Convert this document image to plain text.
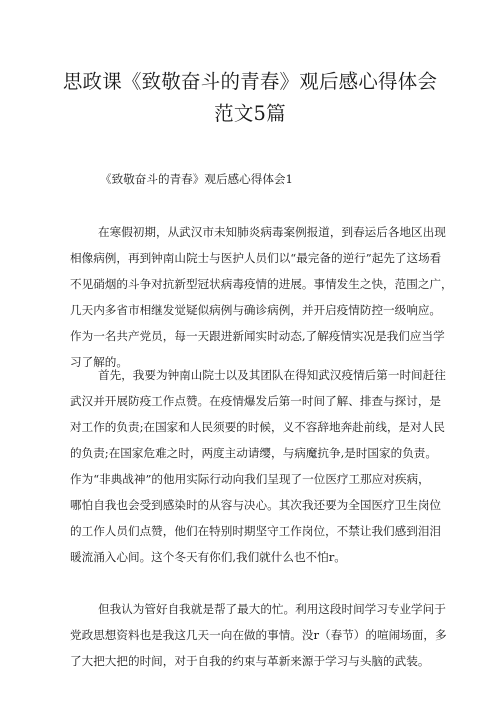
思政课《致敬奋斗的青春》观后感心得体会
范文5篇
《致敬奋斗的青春》观后感心得体会1
在寒假初期，从武汉市未知肺炎病毒案例报道，到春运后各地区出现
相像病例，再到钟南山院士与医护人员们以“最完备的逆行”起先了这场看
不见硝烟的斗争对抗新型冠状病毒疫情的进展。事情发生之快，范围之广，
几天内多省市相继发觉疑似病例与确诊病例，并开启疫情防控一级响应。
作为一名共产党员，每一天跟进新闻实时动态,了解疫情实况是我们应当学
习了解的。
首先，我要为钟南山院士以及其团队在得知武汉疫情后第一时间赶往
武汉并开展防疫工作点赞。在疫情爆发后第一时间了解、排查与探讨，是
对工作的负责;在国家和人民须要的时候，义不容辞地奔赴前线，是对人民
的负责;在国家危难之时，两度主动请缨，与病魔抗争,是时国家的负责。
作为“非典战神”的他用实际行动向我们呈现了一位医疗工那应对疾病，
哪怕自我也会受到感染时的从容与决心。其次我还要为全国医疗卫生岗位
的工作人员们点赞，他们在特别时期坚守工作岗位，不禁让我们感到泪泪
暖流涌入心间。这个冬天有你们,我们就什么也不怕r。
但我认为管好自我就是帮了最大的忙。利用这段时间学习专业学问于
党政思想资料也是我这几天一向在做的事情。没r（春节）的喧闹场面，多
了大把大把的时间，对于自我的约束与革新来源于学习与头脑的武装。
